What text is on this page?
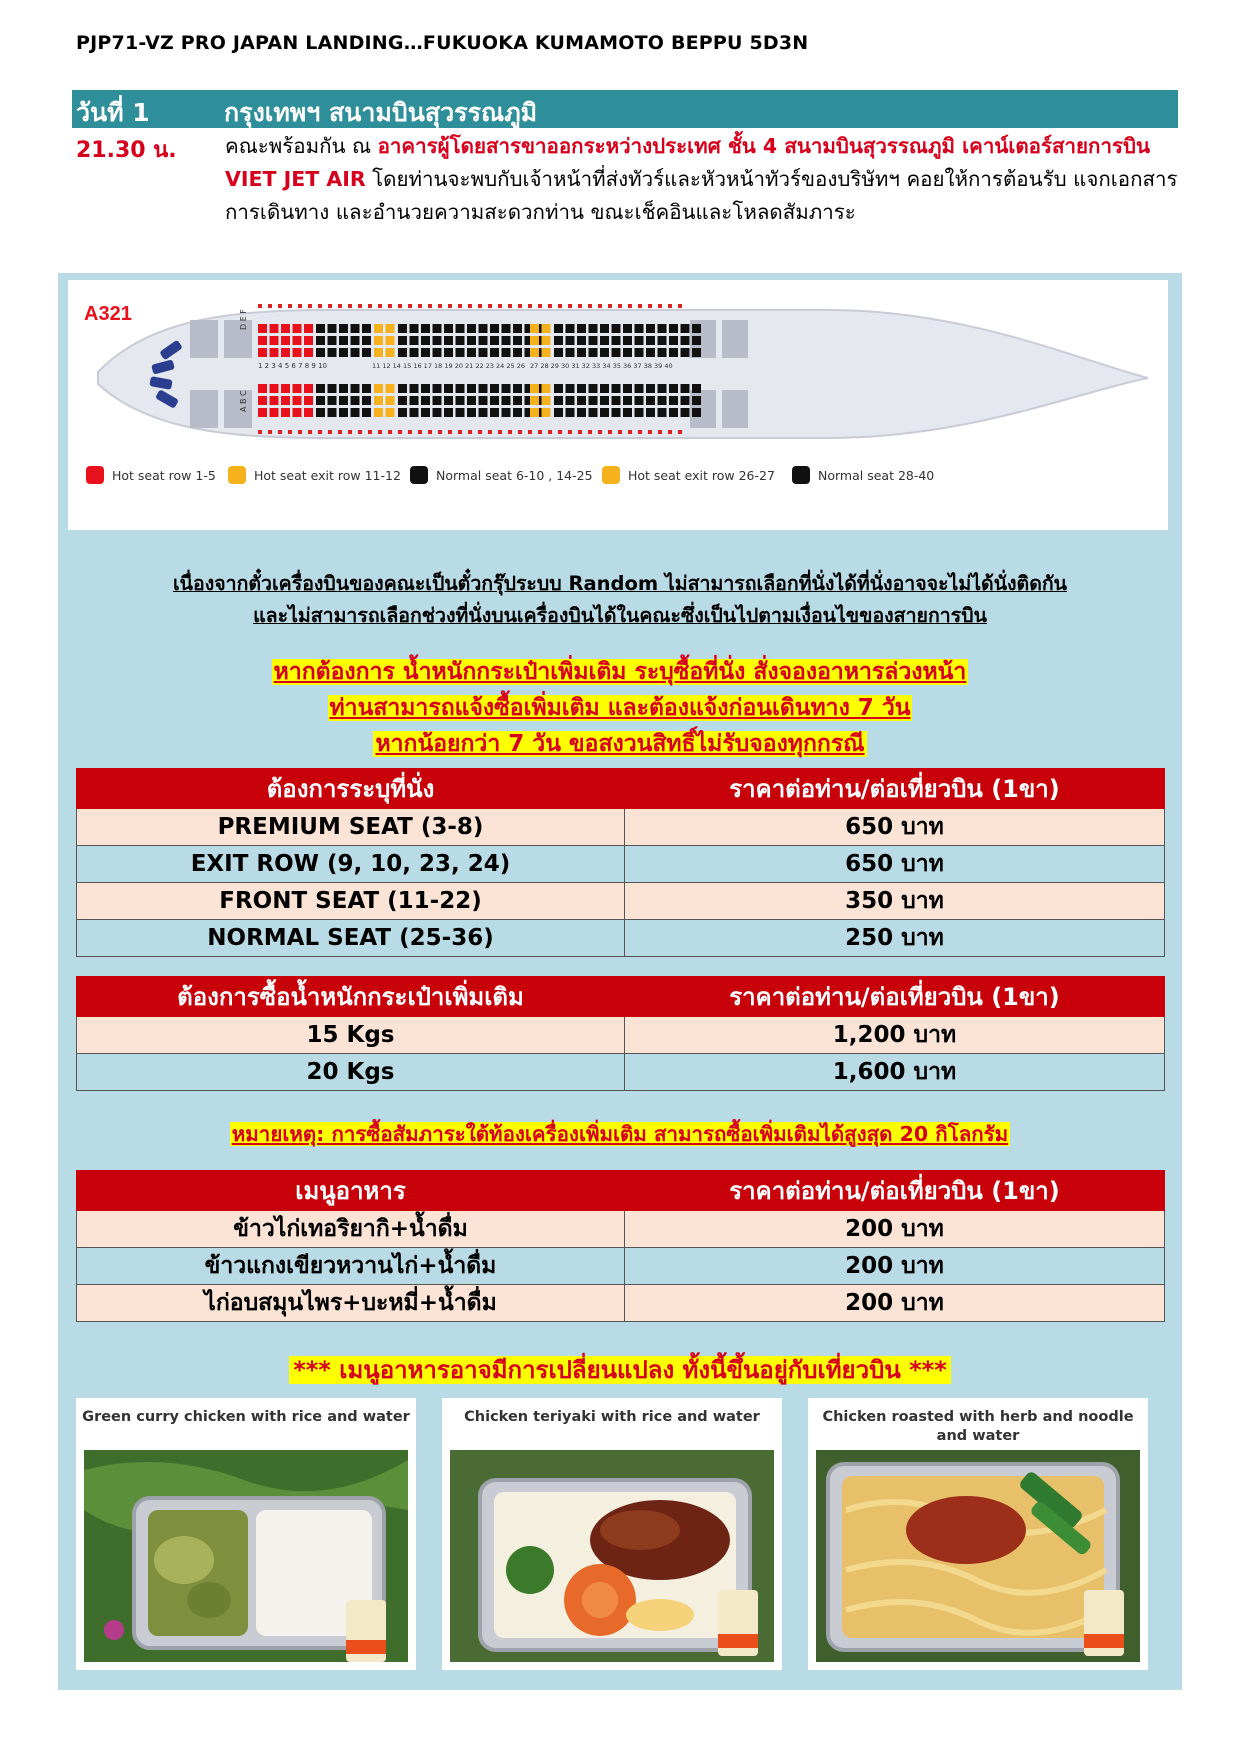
PJP71-VZ PRO JAPAN LANDING…FUKUOKA KUMAMOTO BEPPU 5D3N
วันที่ 1	กรุงเทพฯ สนามบินสุวรรณภูมิ
21.30 น. คณะพร้อมกัน ณ อาคารผู้โดยสารขาออกระหว่างประเทศ ชั้น 4 สนามบินสุวรรณภูมิ เคาน์เตอร์สายการบิน VIET JET AIR โดยท่านจะพบกับเจ้าหน้าที่ส่งทัวร์และหัวหน้าทัวร์ของบริษัทฯ คอยให้การต้อนรับ แจกเอกสารการเดินทาง และอำนวยความสะดวกท่าน ขณะเช็คอินและโหลดสัมภาระ
A321
1 2 3 4 5 6 7 8 9 10	11 12 14 15 16 17 18 19 20 21 22 23 24 25 26 27 28 29 30 31 32 33 34 35 36 37 38 39 40
D E F
A B C
Hot seat row 1-5	Hot seat exit row 11-12	Normal seat 6-10 , 14-25	Hot seat exit row 26-27	Normal seat 28-40
เนื่องจากตั๋วเครื่องบินของคณะเป็นตั๋วกรุ๊ประบบ Random ไม่สามารถเลือกที่นั่งได้ที่นั่งอาจจะไม่ได้นั่งติดกัน
และไม่สามารถเลือกช่วงที่นั่งบนเครื่องบินได้ในคณะซึ่งเป็นไปตามเงื่อนไขของสายการบิน
หากต้องการ น้ำหนักกระเป๋าเพิ่มเติม ระบุซื้อที่นั่ง สั่งจองอาหารล่วงหน้า
ท่านสามารถแจ้งซื้อเพิ่มเติม และต้องแจ้งก่อนเดินทาง 7 วัน
หากน้อยกว่า 7 วัน ขอสงวนสิทธิ์ไม่รับจองทุกกรณี
ต้องการระบุที่นั่ง	ราคาต่อท่าน/ต่อเที่ยวบิน (1ขา)
PREMIUM SEAT (3-8)	650 บาท
EXIT ROW (9, 10, 23, 24)	650 บาท
FRONT SEAT (11-22)	350 บาท
NORMAL SEAT (25-36)	250 บาท
ต้องการซื้อน้ำหนักกระเป๋าเพิ่มเติม	ราคาต่อท่าน/ต่อเที่ยวบิน (1ขา)
15 Kgs	1,200 บาท
20 Kgs	1,600 บาท
หมายเหตุ: การซื้อสัมภาระใต้ท้องเครื่องเพิ่มเติม สามารถซื้อเพิ่มเติมได้สูงสุด 20 กิโลกรัม
เมนูอาหาร	ราคาต่อท่าน/ต่อเที่ยวบิน (1ขา)
ข้าวไก่เทอริยากิ+น้ำดื่ม	200 บาท
ข้าวแกงเขียวหวานไก่+น้ำดื่ม	200 บาท
ไก่อบสมุนไพร+บะหมี่+น้ำดื่ม	200 บาท
*** เมนูอาหารอาจมีการเปลี่ยนแปลง ทั้งนี้ขึ้นอยู่กับเที่ยวบิน ***
Green curry chicken with rice and water	Chicken teriyaki with rice and water	Chicken roasted with herb and noodle and water
